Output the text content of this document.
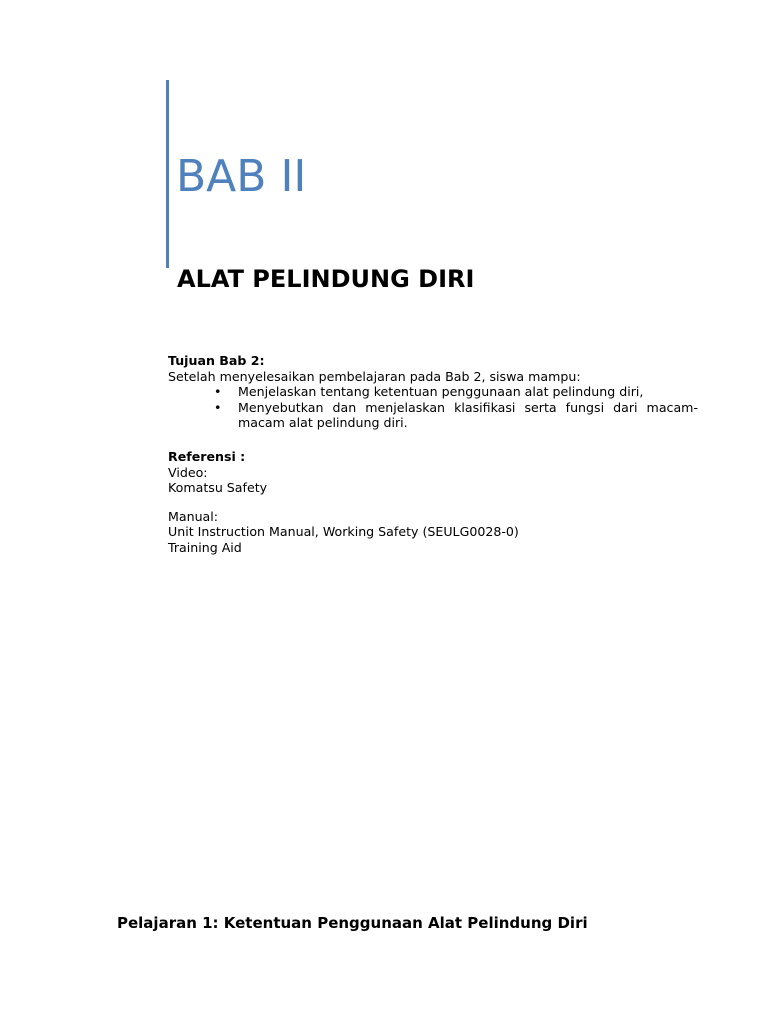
BAB II
ALAT PELINDUNG DIRI

Tujuan Bab 2:

Setelah menyelesaikan pembelajaran pada Bab 2, siswa mampu:

• Menjelaskan tentang ketentuan penggunaan alat pelindung diri,
• Menyebutkan dan menjelaskan klasifikasi serta fungsi dari macam-macam alat pelindung diri.

Referensi :

Video:

Komatsu Safety

Manual:

Unit Instruction Manual, Working Safety (SEULG0028-0)

Training Aid

Pelajaran 1: Ketentuan Penggunaan Alat Pelindung Diri
